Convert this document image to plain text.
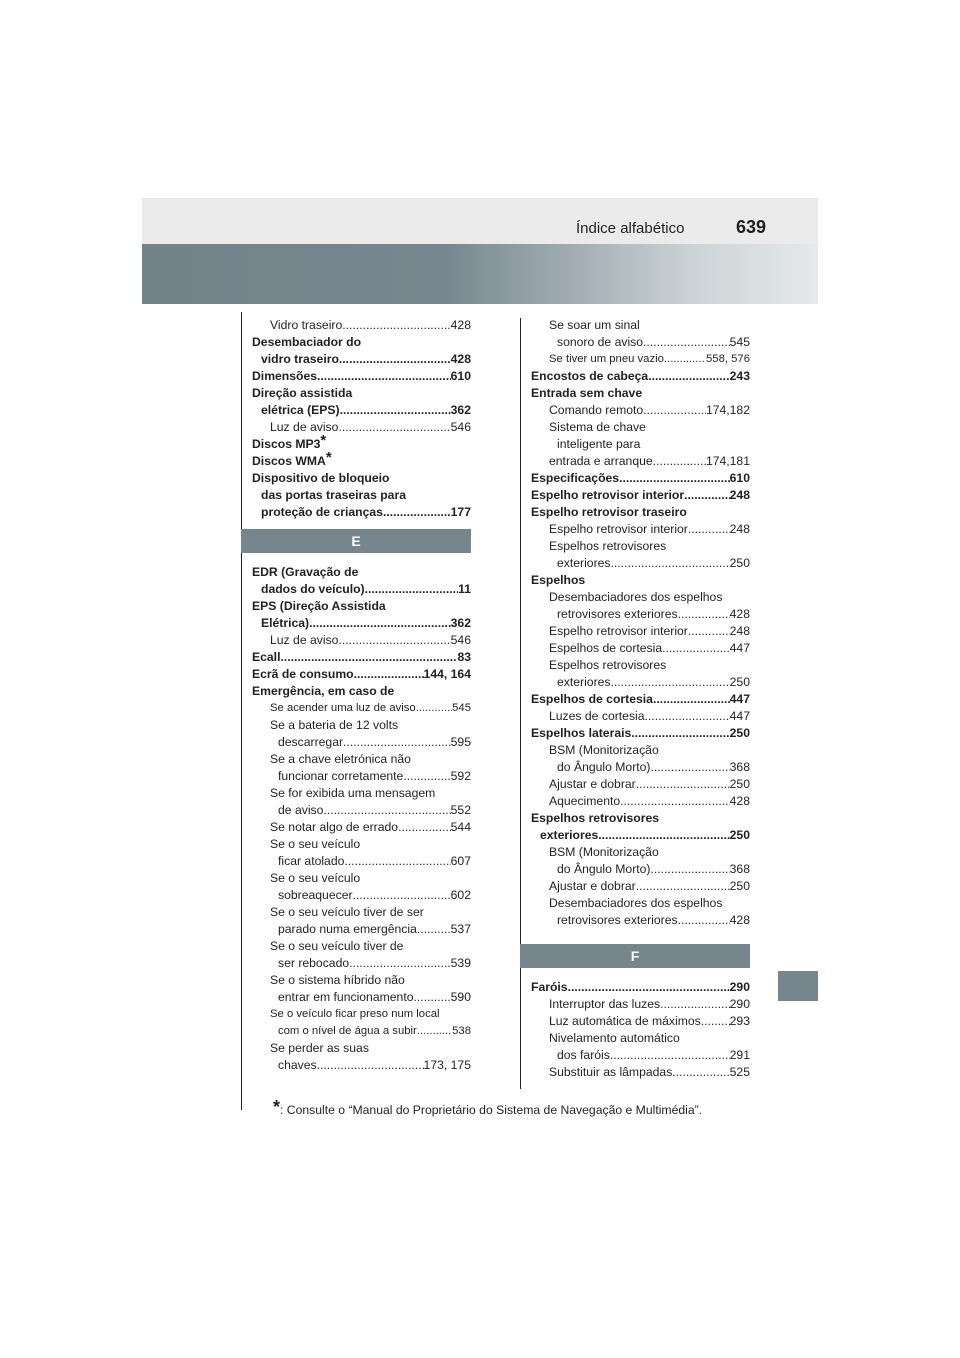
Índice alfabético	639
Vidro traseiro .....	428
Desembaciador do
vidro traseiro .....	428
Dimensões .....	610
Direção assistida
elétrica (EPS) .....	362
Luz de aviso .....	546
Discos MP3*
Discos WMA*
Dispositivo de bloqueio
das portas traseiras para
proteção de crianças .....	177
E
EDR (Gravação de
dados do veículo) .....	11
EPS (Direção Assistida
Elétrica) .....	362
Luz de aviso .....	546
Ecall .....	83
Ecrã de consumo .....	144, 164
Emergência, em caso de
Se acender uma luz de aviso .....	545
Se a bateria de 12 volts
descarregar .....	595
Se a chave eletrónica não
funcionar corretamente .....	592
Se for exibida uma mensagem
de aviso .....	552
Se notar algo de errado .....	544
Se o seu veículo
ficar atolado .....	607
Se o seu veículo
sobreaquecer .....	602
Se o seu veículo tiver de ser
parado numa emergência .....	537
Se o seu veículo tiver de
ser rebocado .....	539
Se o sistema híbrido não
entrar em funcionamento .....	590
Se o veículo ficar preso num local
com o nível de água a subir .....	538
Se perder as suas
chaves .....	173, 175
Se soar um sinal
sonoro de aviso .....	545
Se tiver um pneu vazio .....	558, 576
Encostos de cabeça .....	243
Entrada sem chave
Comando remoto .....	174,182
Sistema de chave
inteligente para
entrada e arranque .....	174,181
Especificações .....	610
Espelho retrovisor interior .....	248
Espelho retrovisor traseiro
Espelho retrovisor interior .....	248
Espelhos retrovisores
exteriores .....	250
Espelhos
Desembaciadores dos espelhos
retrovisores exteriores .....	428
Espelho retrovisor interior .....	248
Espelhos de cortesia .....	447
Espelhos retrovisores
exteriores .....	250
Espelhos de cortesia .....	447
Luzes de cortesia .....	447
Espelhos laterais .....	250
BSM (Monitorização
do Ângulo Morto) .....	368
Ajustar e dobrar .....	250
Aquecimento .....	428
Espelhos retrovisores
exteriores .....	250
BSM (Monitorização
do Ângulo Morto) .....	368
Ajustar e dobrar .....	250
Desembaciadores dos espelhos
retrovisores exteriores .....	428
F
Faróis .....	290
Interruptor das luzes .....	290
Luz automática de máximos ..... 293
Nivelamento automático
dos faróis .....	291
Substituir as lâmpadas .....	525
*: Consulte o “Manual do Proprietário do Sistema de Navegação e Multimédia”.
